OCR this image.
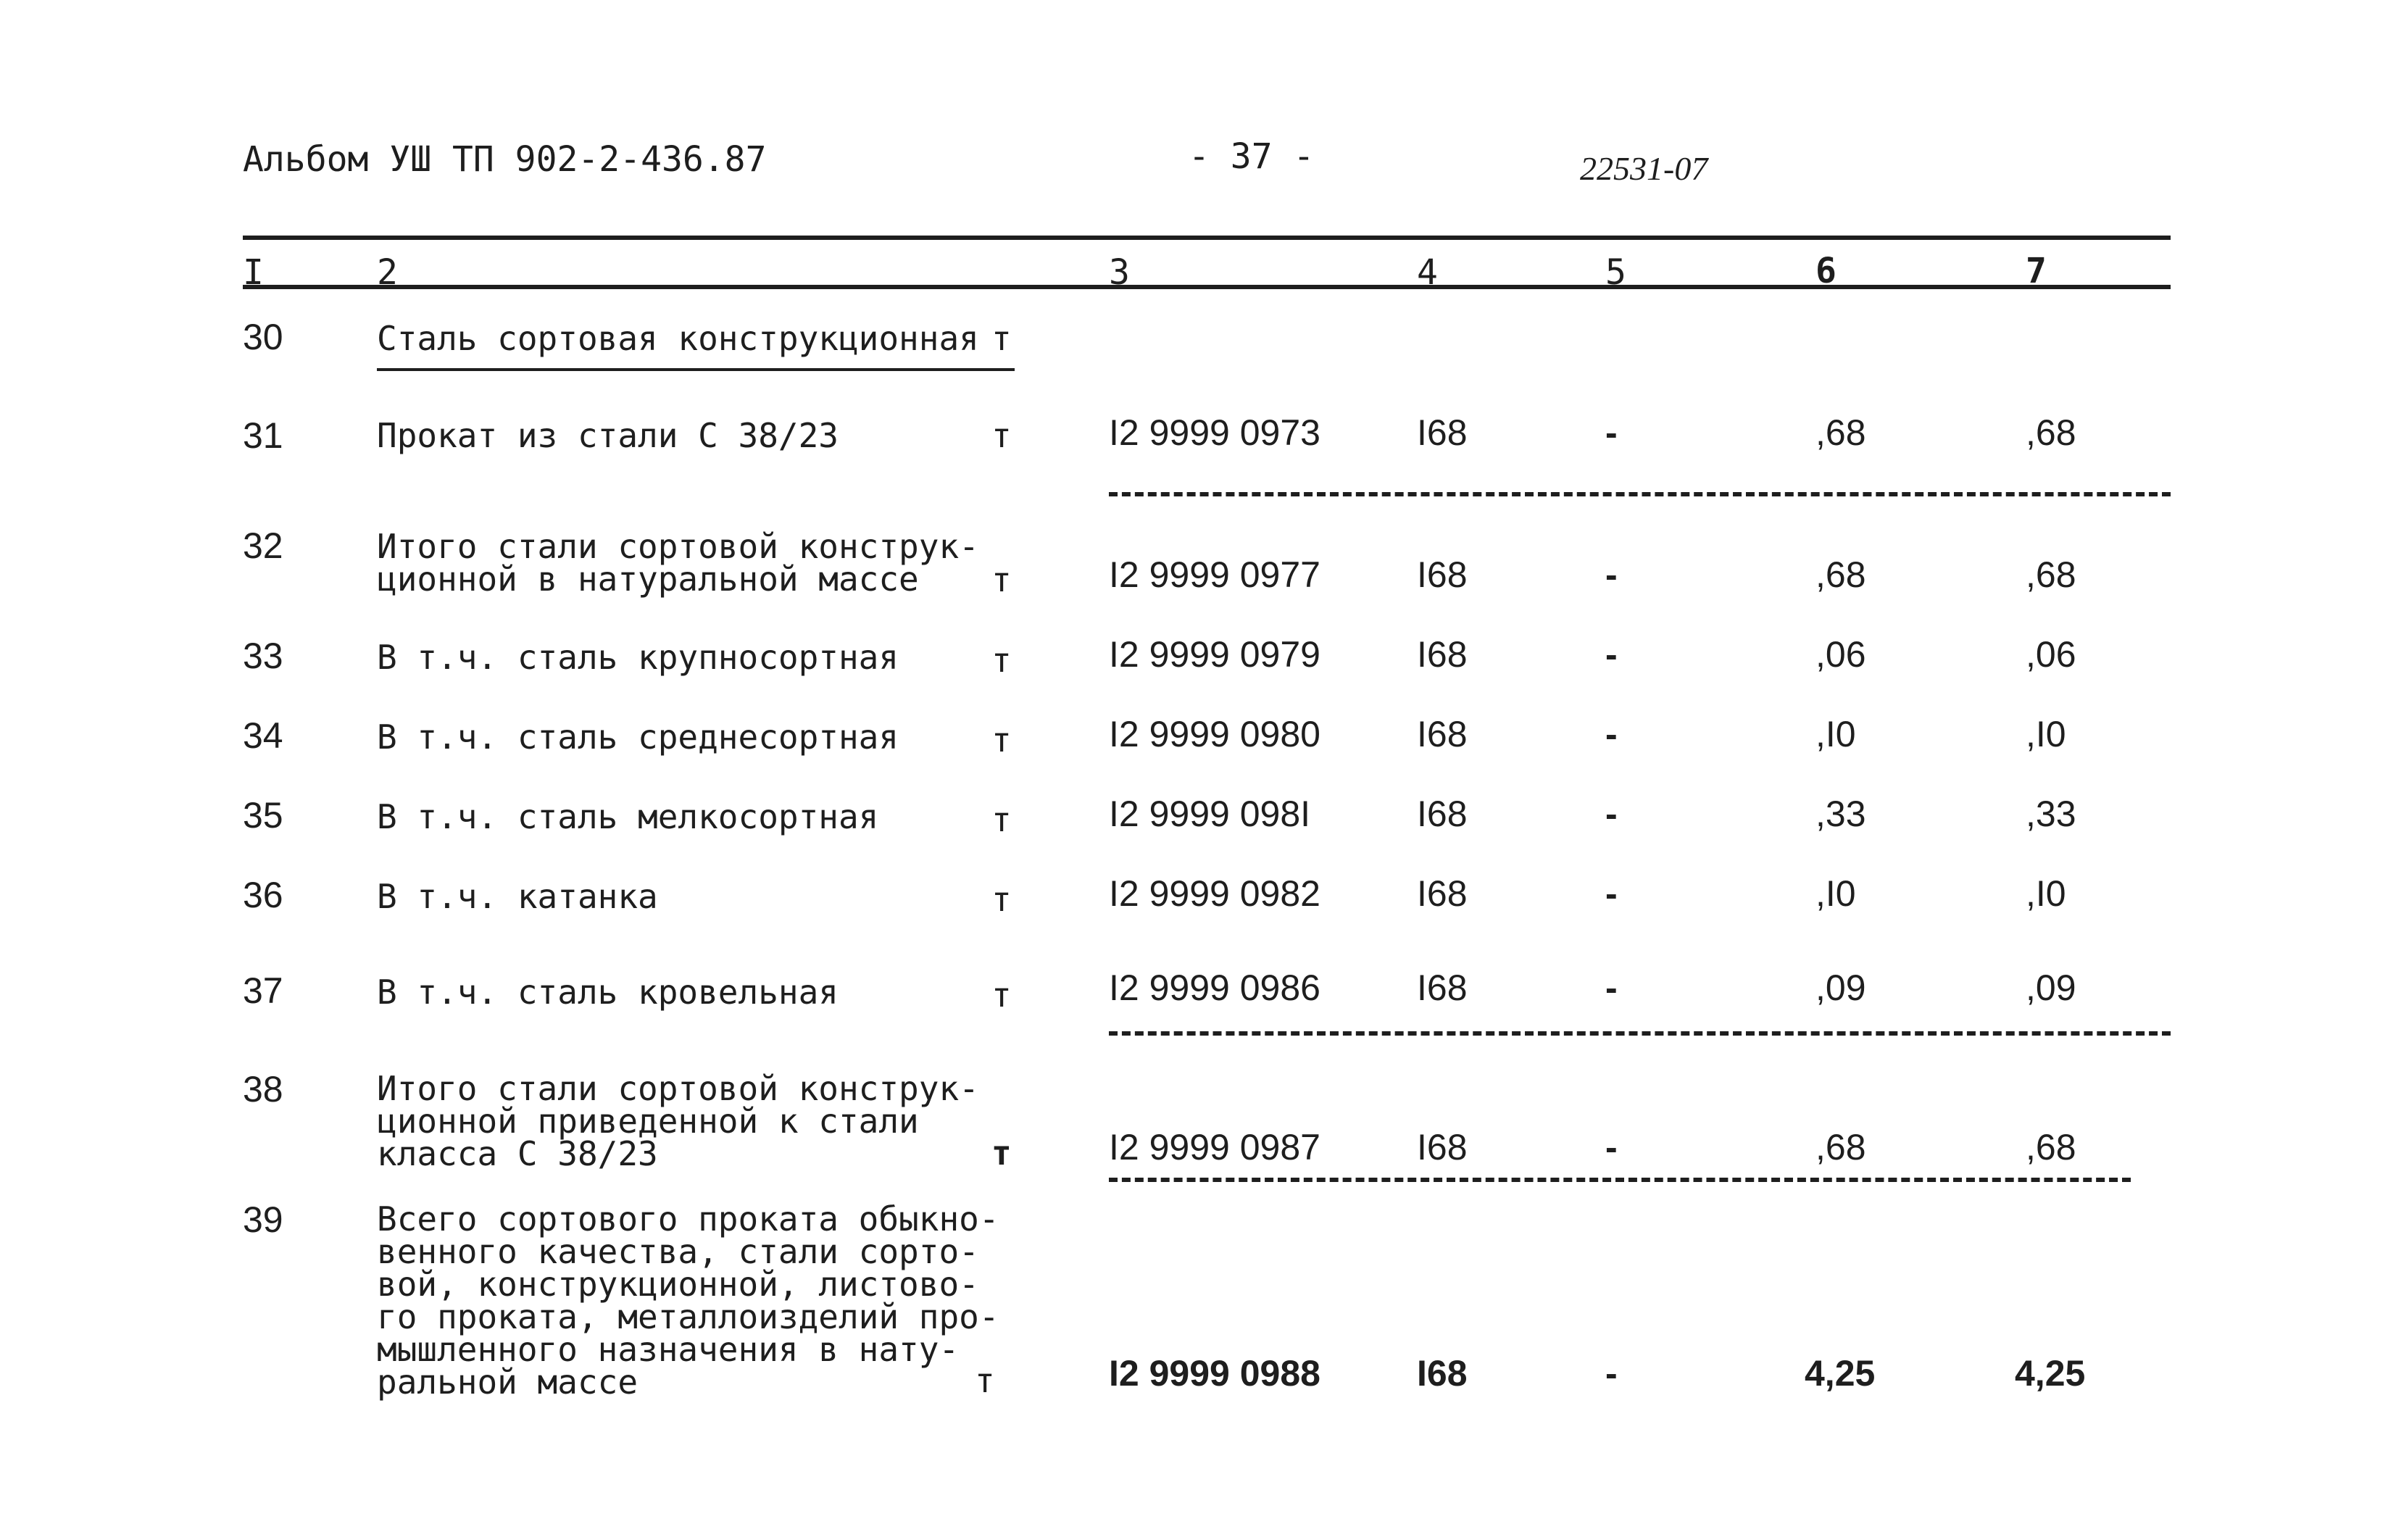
Альбом УШ ТП 902-2-436.87	- 37 -	22531-07
I	2	3	4	5	6	7
30	Сталь сортовая конструкционная т
31	Прокат из стали С 38/23	т	I2 9999 0973	I68	-	,68	,68
32	Итого стали сортовой конструк-
ционной в натуральной массе	т	I2 9999 0977	I68	-	,68	,68
33	В т.ч. сталь крупносортная	т	I2 9999 0979	I68	-	,06	,06
34	В т.ч. сталь среднесортная	т	I2 9999 0980	I68	-	,I0	,I0
35	В т.ч. сталь мелкосортная	т	I2 9999 098I	I68	-	,33	,33
36	В т.ч. катанка	т	I2 9999 0982	I68	-	,I0	,I0
37	В т.ч. сталь кровельная	т	I2 9999 0986	I68	-	,09	,09
38	Итого стали сортовой конструк-
ционной приведенной к стали
класса С 38/23	т	I2 9999 0987	I68	-	,68	,68
39	Всего сортового проката обыкно-
венного качества, стали сорто-
вой, конструкционной, листово-
го проката, металлоизделий про-
мышленного назначения в нату-
ральной массе	т	I2 9999 0988	I68	-	4,25	4,25
